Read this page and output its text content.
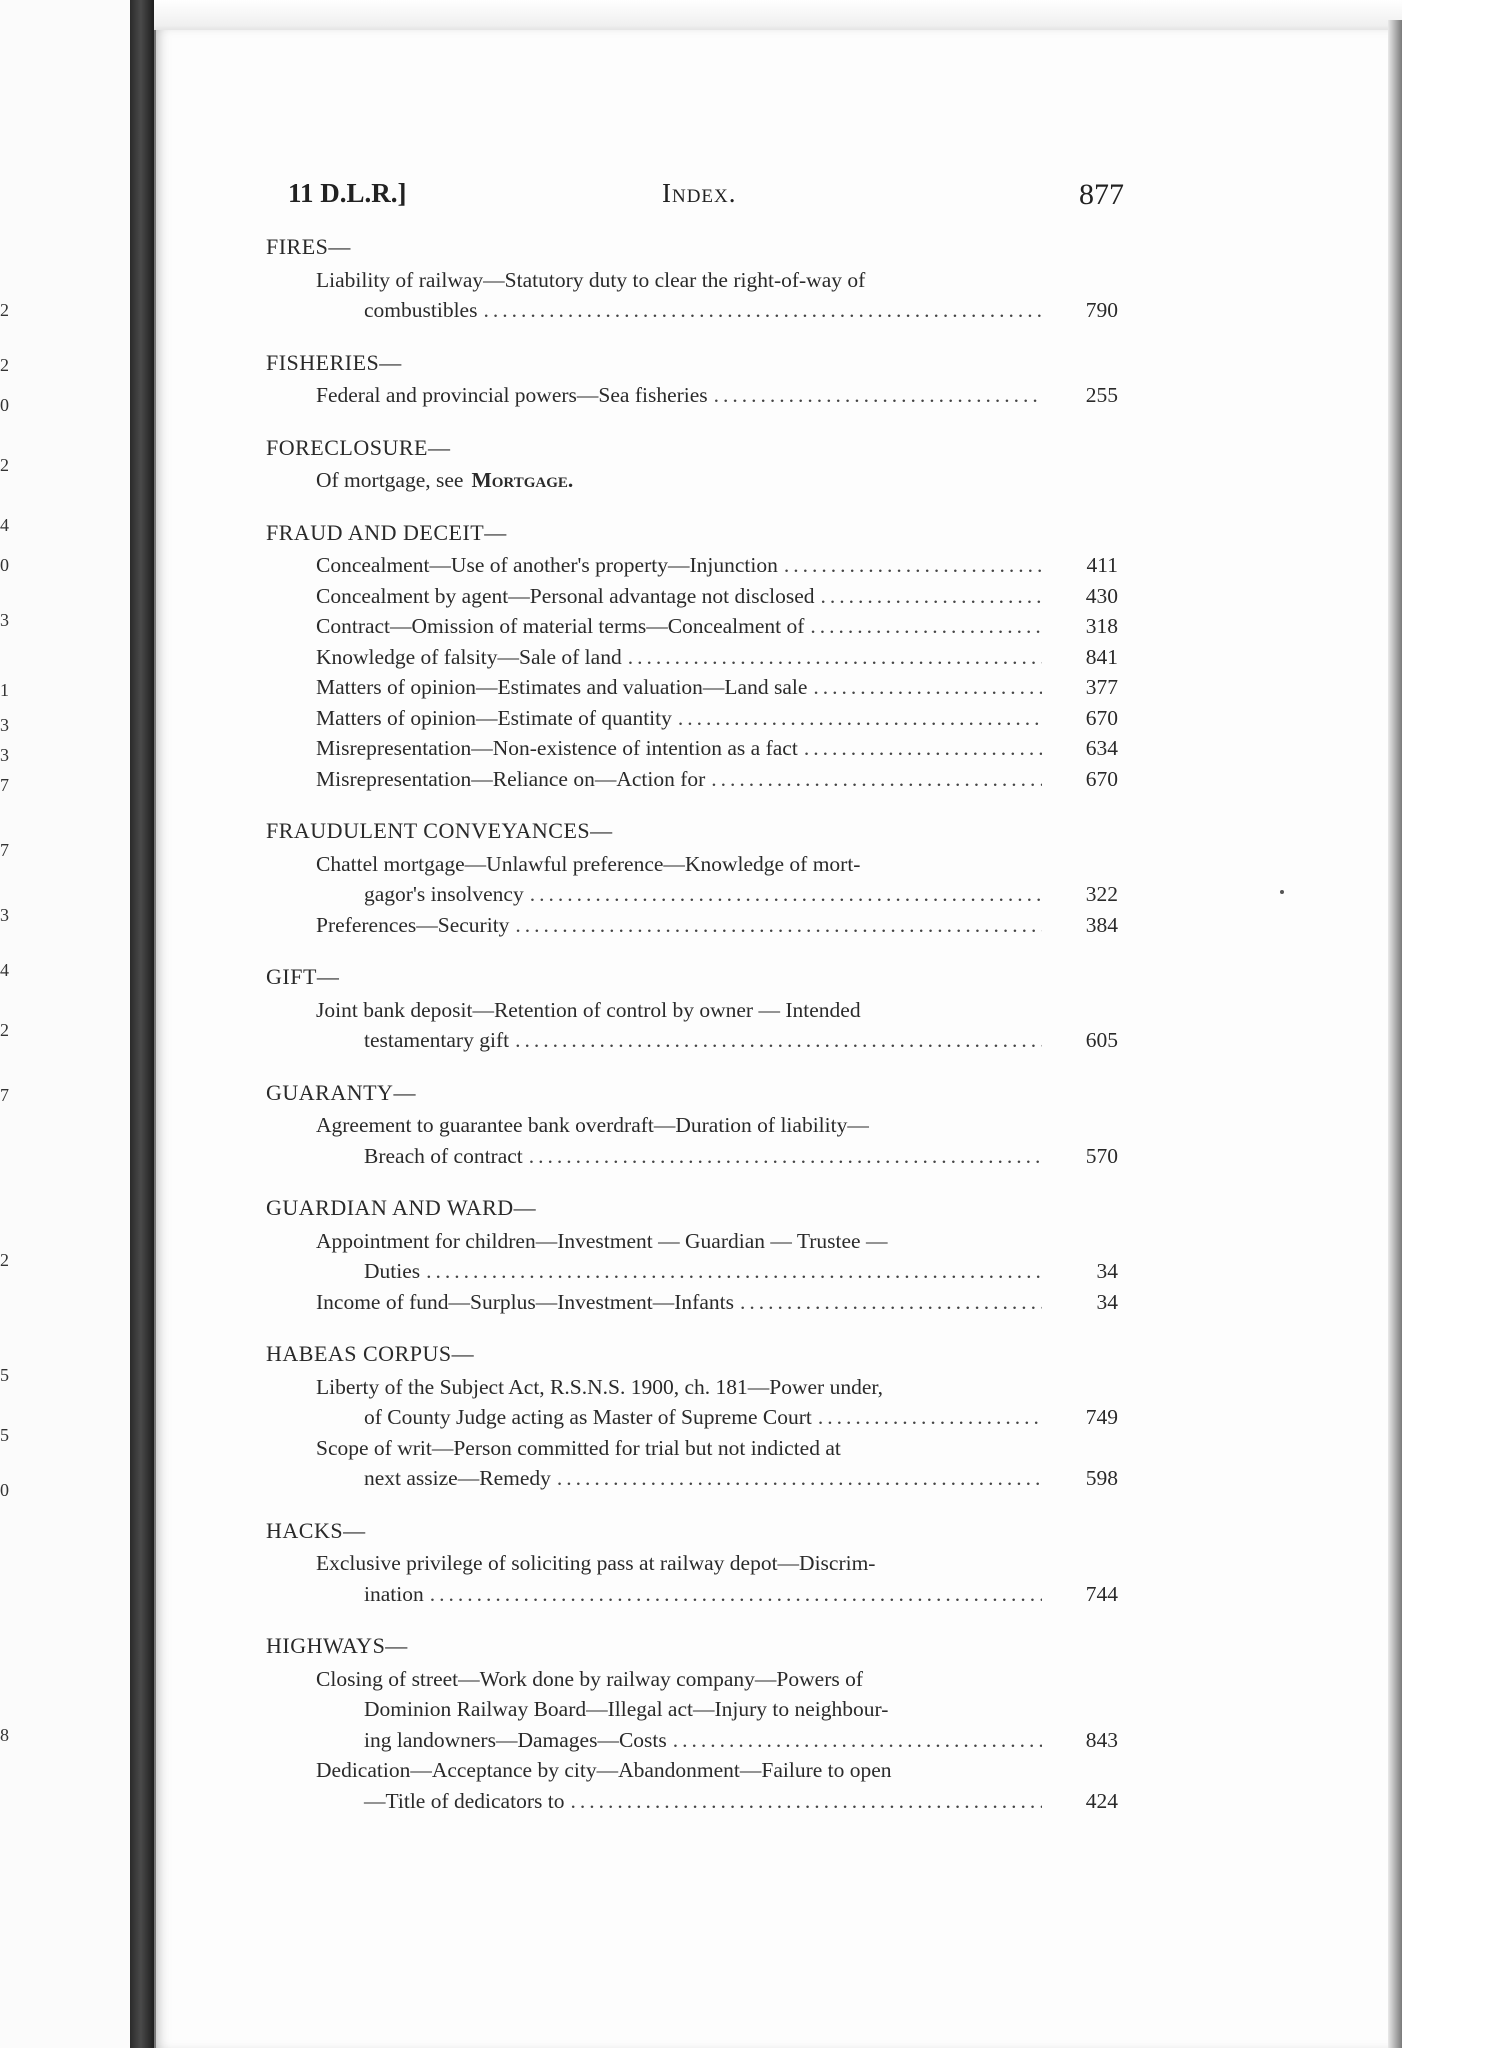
2
2
0
2
4
0
3
1
3
3
7
7
3
4
2
7
2
5
5
0
8
11 D.L.R.]	Index.	877
FIRES—
Liability of railway—Statutory duty to clear the right-of-way of
combustibles .....	790
FISHERIES—
Federal and provincial powers—Sea fisheries .....	255
FORECLOSURE—
Of mortgage, see Mortgage.
FRAUD AND DECEIT—
Concealment—Use of another's property—Injunction .....	411
Concealment by agent—Personal advantage not disclosed .....	430
Contract—Omission of material terms—Concealment of .....	318
Knowledge of falsity—Sale of land .....	841
Matters of opinion—Estimates and valuation—Land sale .....	377
Matters of opinion—Estimate of quantity .....	670
Misrepresentation—Non-existence of intention as a fact .....	634
Misrepresentation—Reliance on—Action for .....	670
FRAUDULENT CONVEYANCES—
Chattel mortgage—Unlawful preference—Knowledge of mort-
gagor's insolvency .....	322
Preferences—Security .....	384
GIFT—
Joint bank deposit—Retention of control by owner — Intended
testamentary gift .....	605
GUARANTY—
Agreement to guarantee bank overdraft—Duration of liability—
Breach of contract .....	570
GUARDIAN AND WARD—
Appointment for children—Investment — Guardian — Trustee —
Duties .....	34
Income of fund—Surplus—Investment—Infants .....	34
HABEAS CORPUS—
Liberty of the Subject Act, R.S.N.S. 1900, ch. 181—Power under,
of County Judge acting as Master of Supreme Court .....	749
Scope of writ—Person committed for trial but not indicted at
next assize—Remedy .....	598
HACKS—
Exclusive privilege of soliciting pass at railway depot—Discrim-
ination .....	744
HIGHWAYS—
Closing of street—Work done by railway company—Powers of
Dominion Railway Board—Illegal act—Injury to neighbour-
ing landowners—Damages—Costs .....	843
Dedication—Acceptance by city—Abandonment—Failure to open
—Title of dedicators to .....	424
